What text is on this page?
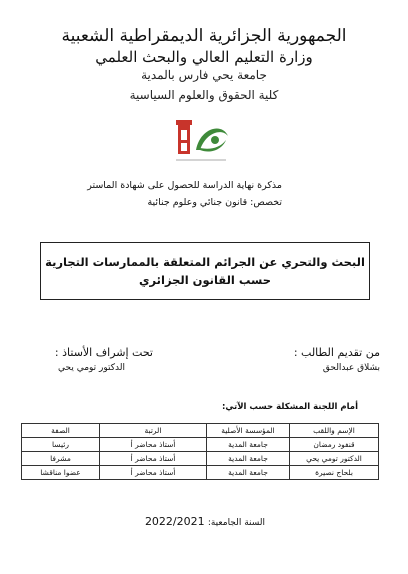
الجمهورية الجزائرية الديمقراطية الشعبية
وزارة التعليم العالي والبحث العلمي
جامعة يحي فارس بالمدية
كلية الحقوق والعلوم السياسية
مذكرة نهاية الدراسة للحصول على شهادة الماستر
تخصص: قانون جنائي وعلوم جنائية
البحث والتحري عن الجرائم المتعلقة بالممارسات التجارية
حسب القانون الجزائري
من تقديم الطالب :
بشلاق عبدالحق
تحت إشراف الأستاذ :
الدكتور تومي يحي
أمام اللجنة المشكلة حسب الآتي:
الإسم واللقب	المؤسسة الأصلية	الرتبة	الصفة
قنفود رمضان	جامعة المدية	أستاذ محاضر أ	رئيسا
الدكتور تومي يحي	جامعة المدية	أستاذ محاضر أ	مشرفا
بلحاج نصيرة	جامعة المدية	أستاذ محاضر أ	عضوا مناقشا
السنة الجامعية: 2022/2021
